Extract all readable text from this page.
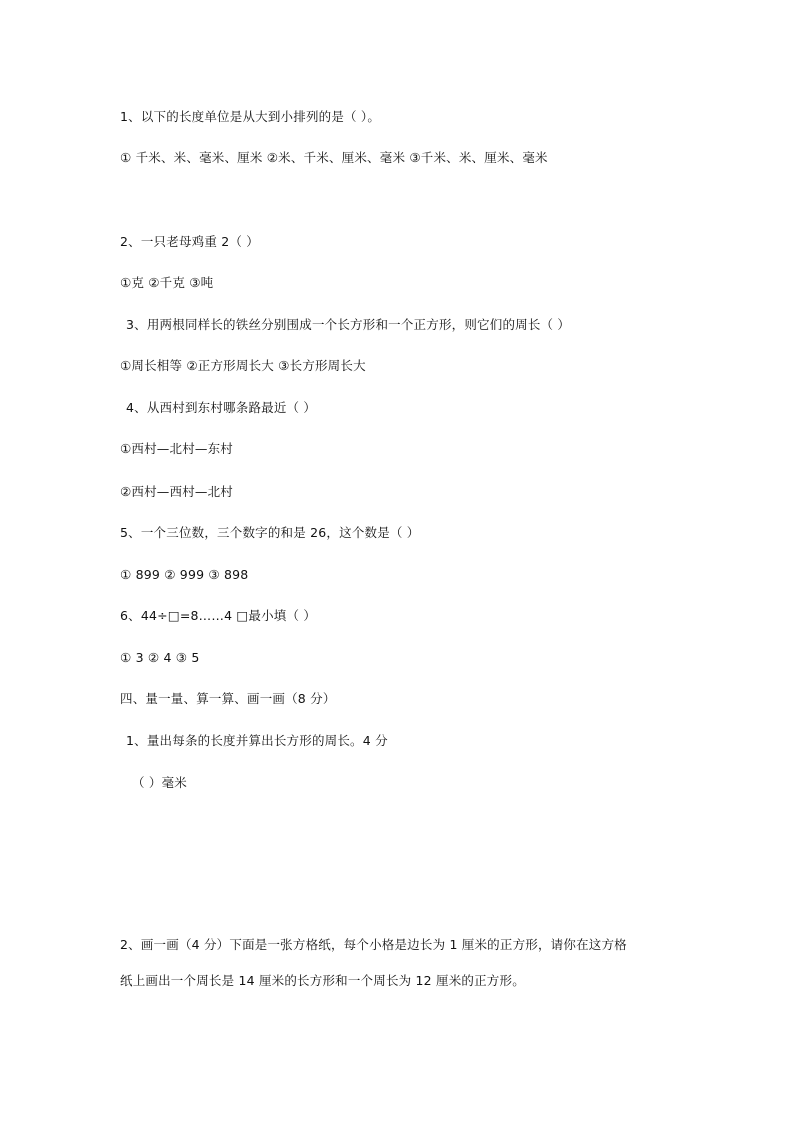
1、以下的长度单位是从大到小排列的是（ ）。
① 千米、米、毫米、厘米 ②米、千米、厘米、毫米 ③千米、米、厘米、毫米
2、一只老母鸡重 2（ ）
①克 ②千克 ③吨
3、用两根同样长的铁丝分别围成一个长方形和一个正方形，则它们的周长（ ）
①周长相等 ②正方形周长大 ③长方形周长大
4、从西村到东村哪条路最近（ ）
①西村—北村—东村
②西村—西村—北村
5、一个三位数，三个数字的和是 26，这个数是（ ）
① 899 ② 999 ③ 898
6、44÷□=8……4 □最小填（ ）
① 3 ② 4 ③ 5
四、量一量、算一算、画一画（8 分）
1、量出每条的长度并算出长方形的周长。4 分
（ ）毫米
2、画一画（4 分）下面是一张方格纸，每个小格是边长为 1 厘米的正方形，请你在这方格
纸上画出一个周长是 14 厘米的长方形和一个周长为 12 厘米的正方形。
